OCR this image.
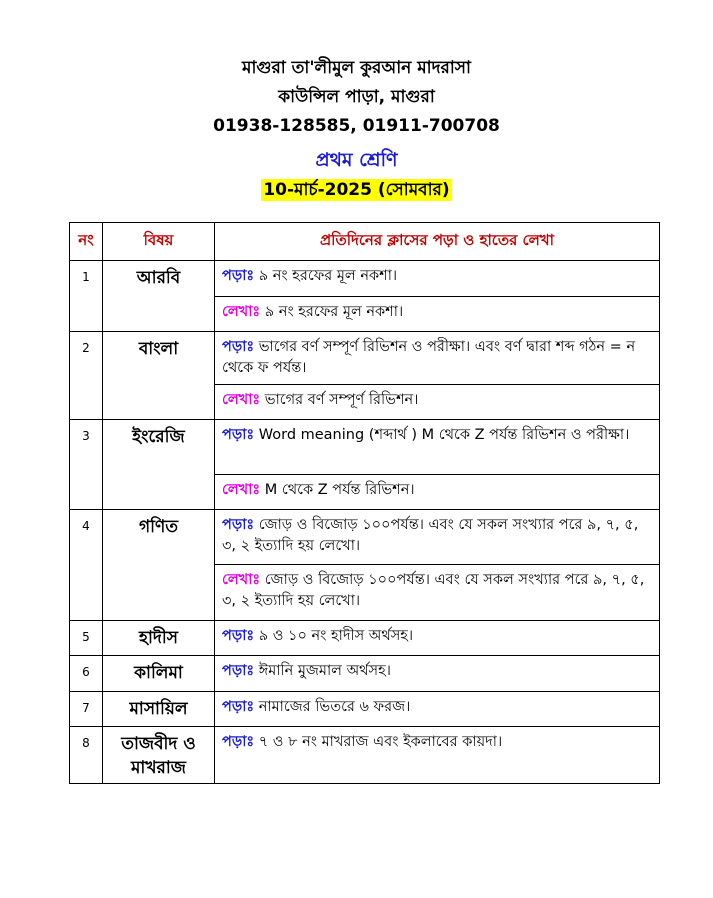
মাগুরা তা'লীমুল কুরআন মাদরাসা
কাউন্সিল পাড়া, মাগুরা
01938-128585, 01911-700708
প্রথম শ্রেণি
10-মার্চ-2025 (সোমবার)
নং	বিষয়	প্রতিদিনের ক্লাসের পড়া ও হাতের লেখা
1	আরবি	পড়াঃ ৯ নং হরফের মূল নকশা।
		লেখাঃ ৯ নং হরফের মূল নকশা।
2	বাংলা	পড়াঃ ভাগের বর্ণ সম্পূর্ণ রিভিশন ও পরীক্ষা। এবং বর্ণ দ্বারা শব্দ গঠন = ন থেকে ফ পর্যন্ত।
		লেখাঃ ভাগের বর্ণ সম্পূর্ণ রিভিশন।
3	ইংরেজি	পড়াঃ Word meaning (শব্দার্থ ) M থেকে Z পর্যন্ত রিভিশন ও পরীক্ষা।
		লেখাঃ M থেকে Z পর্যন্ত রিভিশন।
4	গণিত	পড়াঃ জোড় ও বিজোড় ১০০পর্যন্ত। এবং যে সকল সংখ্যার পরে ৯, ৭, ৫, ৩, ২ ইত্যাদি হয় লেখো।
		লেখাঃ জোড় ও বিজোড় ১০০পর্যন্ত। এবং যে সকল সংখ্যার পরে ৯, ৭, ৫, ৩, ২ ইত্যাদি হয় লেখো।
5	হাদীস	পড়াঃ ৯ ও ১০ নং হাদীস অর্থসহ।
6	কালিমা	পড়াঃ ঈমানি মুজমাল অর্থসহ।
7	মাসায়িল	পড়াঃ নামাজের ভিতরে ৬ ফরজ।
8	তাজবীদ ও মাখরাজ	পড়াঃ ৭ ও ৮ নং মাখরাজ এবং ইকলাবের কায়দা।
